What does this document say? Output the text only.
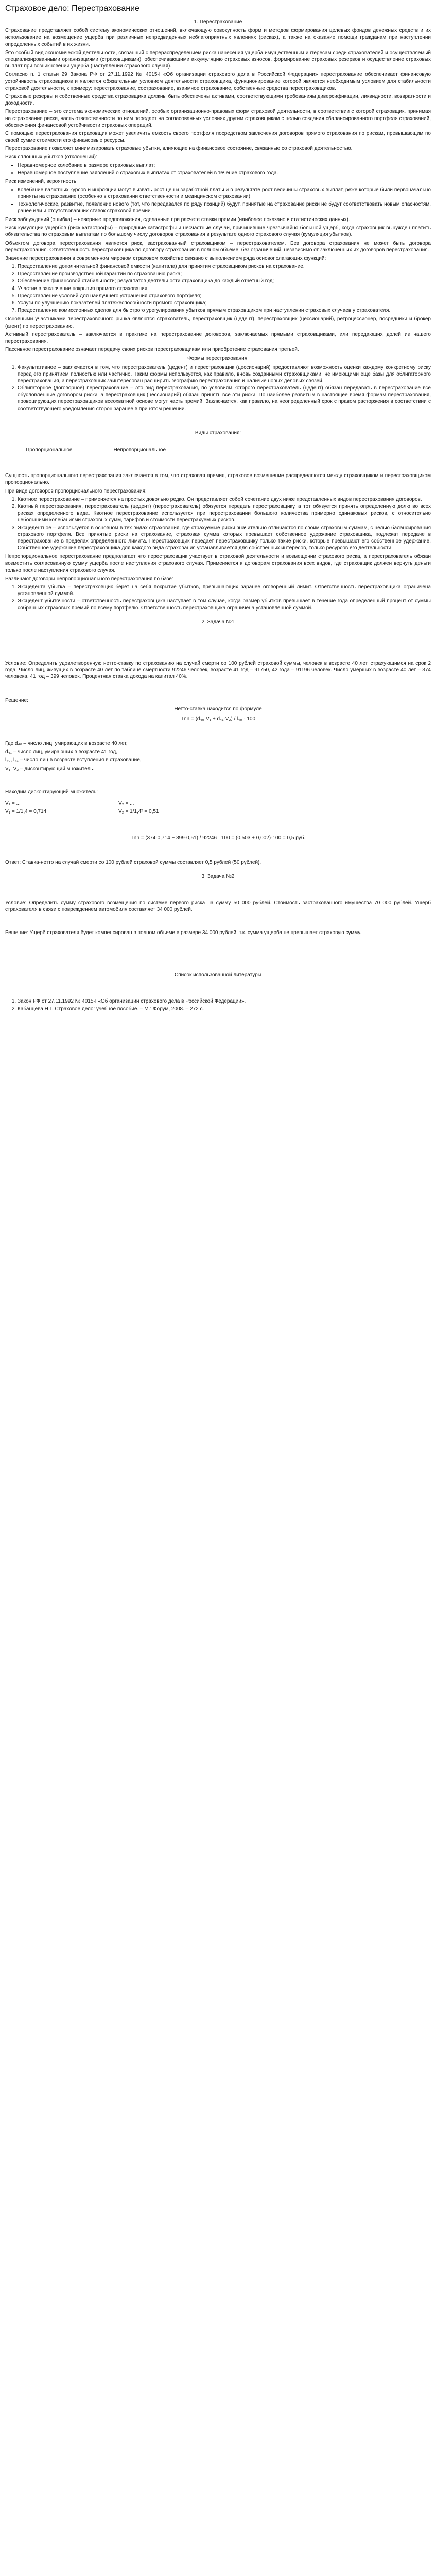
Страховое дело: Перестрахование
1. Перестрахование

Страхование представляет собой систему экономических отношений, включающую совокупность форм и методов формирования целевых фондов денежных средств и их использование на возмещение ущерба при различных непредвиденных неблагоприятных явлениях (рисках), а также на оказание помощи гражданам при наступлении определенных событий в их жизни.

Это особый вид экономической деятельности, связанный с перераспределением риска нанесения ущерба имущественным интересам среди страхователей и осуществляемый специализированными организациями (страховщиками), обеспечивающими аккумуляцию страховых взносов, формирование страховых резервов и осуществление страховых выплат при возникновении ущерба (наступлении страхового случая).

Согласно п. 1 статьи 29 Закона РФ от 27.11.1992 № 4015-I «Об организации страхового дела в Российской Федерации» перестрахование обеспечивает финансовую устойчивость страховщиков и является обязательным условием деятельности страховщика, функционирование которой является необходимым условием для стабильности страховой деятельности, к примеру: перестрахование, сострахование, взаимное страхование, собственные средства перестраховщиков.

Страховые резервы и собственные средства страховщика должны быть обеспечены активами, соответствующими требованиям диверсификации, ликвидности, возвратности и доходности.

Перестрахование – это система экономических отношений, особых организационно-правовых форм страховой деятельности, в соответствии с которой страховщик, принимая на страхование риски, часть ответственности по ним передает на согласованных условиях другим страховщикам с целью создания сбалансированного портфеля страхований, обеспечения финансовой устойчивости страховых операций.

С помощью перестрахования страховщик может увеличить емкость своего портфеля посредством заключения договоров прямого страхования по рискам, превышающим по своей сумме стоимости его финансовые ресурсы.

Перестрахование позволяет минимизировать страховые убытки, влияющие на финансовое состояние, связанные со страховой деятельностью.

Риск сплошных убытков (отклонений):

• Неравномерное колебание в размере страховых выплат;
• Неравномерное поступление заявлений о страховых выплатах от страхователей в течение страхового года.

Риск изменений, вероятность:

• Колебание валютных курсов и инфляции могут вызвать рост цен и заработной платы и в результате рост величины страховых выплат, реже которые были первоначально приняты на страхование (особенно в страховании ответственности и медицинском страховании).
• Технологические, развитие, появление нового (тот, что передавался по ряду позиций) будут, принятые на страхование риски не будут соответствовать новым опасностям, ранее или и отсутствовавших ставок страховой премии.

Риск заблуждений (ошибка) – неверные предположения, сделанные при расчете ставки премии (наиболее показано в статистических данных).

Риск кумуляции ущербов (риск катастрофы) – природные катастрофы и несчастные случаи, причинившие чрезвычайно большой ущерб, когда страховщик вынужден платить обязательства по страховым выплатам по большому числу договоров страхования в результате одного страхового случая (кумуляция убытков).

Объектом договора перестрахования является риск, застрахованный страховщиком – перестрахователем. Без договора страхования не может быть договора перестрахования. Ответственность перестраховщика по договору страхования в полном объеме, без ограничений, независимо от заключенных их договоров перестрахования.

Значение перестрахования в современном мировом страховом хозяйстве связано с выполнением ряда основополагающих функций:

1. Предоставление дополнительной финансовой емкости (капитала) для принятия страховщиком рисков на страхование.
2. Предоставление производственной гарантии по страхованию риска;
3. Обеспечение финансовой стабильности; результатов деятельности страховщика до каждый отчетный год;
4. Участие в заключение покрытия прямого страхования;
5. Предоставление условий для наилучшего устранения страхового портфеля;
6. Услуги по улучшению показателей платежеспособности прямого страховщика;
7. Предоставление комиссионных сделок для быстрого урегулирования убытков прямым страховщиком при наступлении страховых случаев у страхователя.

Основными участниками перестраховочного рынка являются страхователь, перестраховщик (цедент), перестраховщик (цессионарий), ретроцессионер, посредники и брокер (агент) по перестрахованию.

Активный перестрахователь – заключается в практике на перестрахование договоров, заключаемых прямыми страховщиками, или передающих долей из нашего перестрахования.

Пассивное перестрахование означает передачу своих рисков перестраховщикам или приобретение страхования третьей.

Формы перестрахования:
1. Факультативное – заключается в том, что перестрахователь (цедент) и перестраховщик (цессионарий) предоставляют возможность оценки каждому конкретному риску перед его принятием полностью или частично. Таким формы используется, как правило, вновь созданными страховщиками, не имеющими еще базы для облигаторного перестрахования, а перестраховщик заинтересован расширить географию перестрахования и наличие новых деловых связей.
2. Облигаторное (договорное) перестрахование – это вид перестрахования, по условиям которого перестрахователь (цедент) обязан передавать в перестрахование все обусловленные договором риски, а перестраховщик (цессионарий) обязан принять все эти риски. По наиболее развитым в настоящее время формам перестрахования, провоцирующих перестраховщиков всеохватной основе могут часть премий. Заключается, как правило, на неопределенный срок с правом расторжения в соответствии с соответствующего уведомления сторон заранее в принятом решении.
Виды страхования:
Пропорциональное	Непропорциональное

Сущность пропорционального перестрахования заключается в том, что страховая премия, страховое возмещение распределяются между страховщиком и перестраховщиком пропорционально.

При виде договоров пропорционального перестрахования:

1. Квотное перестрахование – применяется на простых довольно редко. Он представляет собой сочетание двух ниже представленных видов перестрахования договоров.
2. Квотный перестрахования, перестрахователь (цедент) (перестрахователь) обязуется передать перестраховщику, а тот обязуется принять определенную долю во всех рисках определенного вида. Квотное перестрахование используется при перестраховании большого количества примерно одинаковых рисков, с относительно небольшими колебаниями страховых сумм, тарифов и стоимости перестрахуемых рисков.
3. Эксцедентное – используется в основном в тех видах страхования, где страхуемые риски значительно отличаются по своим страховым суммам, с целью балансирования страхового портфеля. Все принятые риски на страхование, страховая сумма которых превышает собственное удержание страховщика, подлежат передаче в перестрахование в пределах определенного лимита. Перестраховщик передает перестраховщику только такие риски, которые превышают его собственное удержание. Собственное удержание перестраховщика для каждого вида страхования устанавливается для собственных интересов, только ресурсов его деятельности.

Непропорциональное перестрахование предполагает что перестраховщик участвует в страховой деятельности и возмещении страхового риска, а перестрахователь обязан возместить согласованную сумму ущерба после наступления страхового случая. Применяется к договорам страхования всех видов, где страховщик должен вернуть деньги только после наступления страхового случая.

Различают договоры непропорционального перестрахования по базе:

1. Эксцедента убытка – перестраховщик берет на себя покрытие убытков, превышающих заранее оговоренный лимит. Ответственность перестраховщика ограничена установленной суммой.
2. Эксцедент убыточности – ответственность перестраховщика наступает в том случае, когда размер убытков превышает в течение года определенный процент от суммы собранных страховых премий по всему портфелю. Ответственность перестраховщика ограничена установленной суммой.
2. Задача №1

Условие: Определить удовлетворенную нетто-ставку по страхованию на случай смерти со 100 рублей страховой суммы, человек в возрасте 40 лет, страхующимся на срок 2 года. Число лиц, живущих в возрасте 40 лет по таблице смертности 92246 человек, возрасте 41 год – 91750, 42 года – 91196 человек. Число умерших в возрасте 40 лет – 374 человека, 41 год – 399 человек. Процентная ставка дохода на капитал 40%.

Решение:

Нетто-ставка находится по формуле
Tnn = (d₄₀·V₁ + d₄₁·V₂) / l₄₀ · 100

Где d₄₀ – число лиц, умирающих в возрасте 40 лет,

d₄₁ – число лиц, умирающих в возрасте 41 год,

l₄₀, l₄₁ – число лиц в возрасте вступления в страхование,

V₁, V₂ – дисконтирующий множитель.

Находим дисконтирующий множитель:

V₁ = ...
V₁ = 1/1,4 = 0,714
V₂ = ...
V₂ = 1/1,4² = 0,51
Tnn = (374·0,714 + 399·0,51) / 92246 · 100 = (0,503 + 0,002)·100 = 0,5 руб.

Ответ: Ставка-нетто на случай смерти со 100 рублей страховой суммы составляет 0,5 рублей (50 рублей).

3. Задача №2

Условие: Определить сумму страхового возмещения по системе первого риска на сумму 50 000 рублей. Стоимость застрахованного имущества 70 000 рублей. Ущерб страхователя в связи с повреждением автомобиля составляет 34 000 рублей.

Решение: Ущерб страхователя будет компенсирован в полном объеме в размере 34 000 рублей, т.к. сумма ущерба не превышает страховую сумму.

Список использованной литературы
1. Закон РФ от 27.11.1992 № 4015-I «Об организации страхового дела в Российской Федерации».
2. Кабанцева Н.Г. Страховое дело: учебное пособие. – М.: Форум, 2008. – 272 с.
